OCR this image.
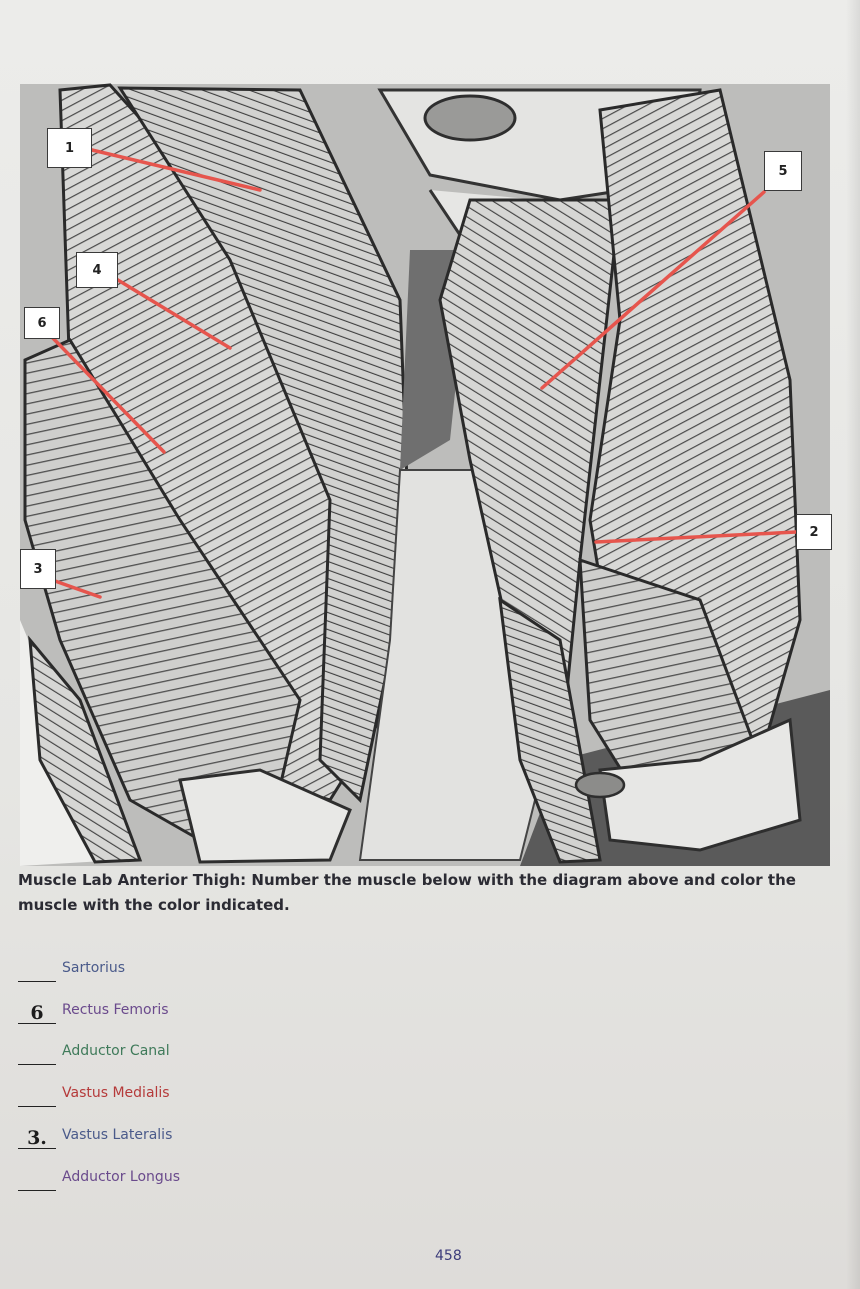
1
4
6
3
5
2
Muscle Lab Anterior Thigh: Number the muscle below with the diagram above and color the muscle with the color indicated.
Sartorius
6	Rectus Femoris
Adductor Canal
Vastus Medialis
3.	Vastus Lateralis
Adductor Longus
458
